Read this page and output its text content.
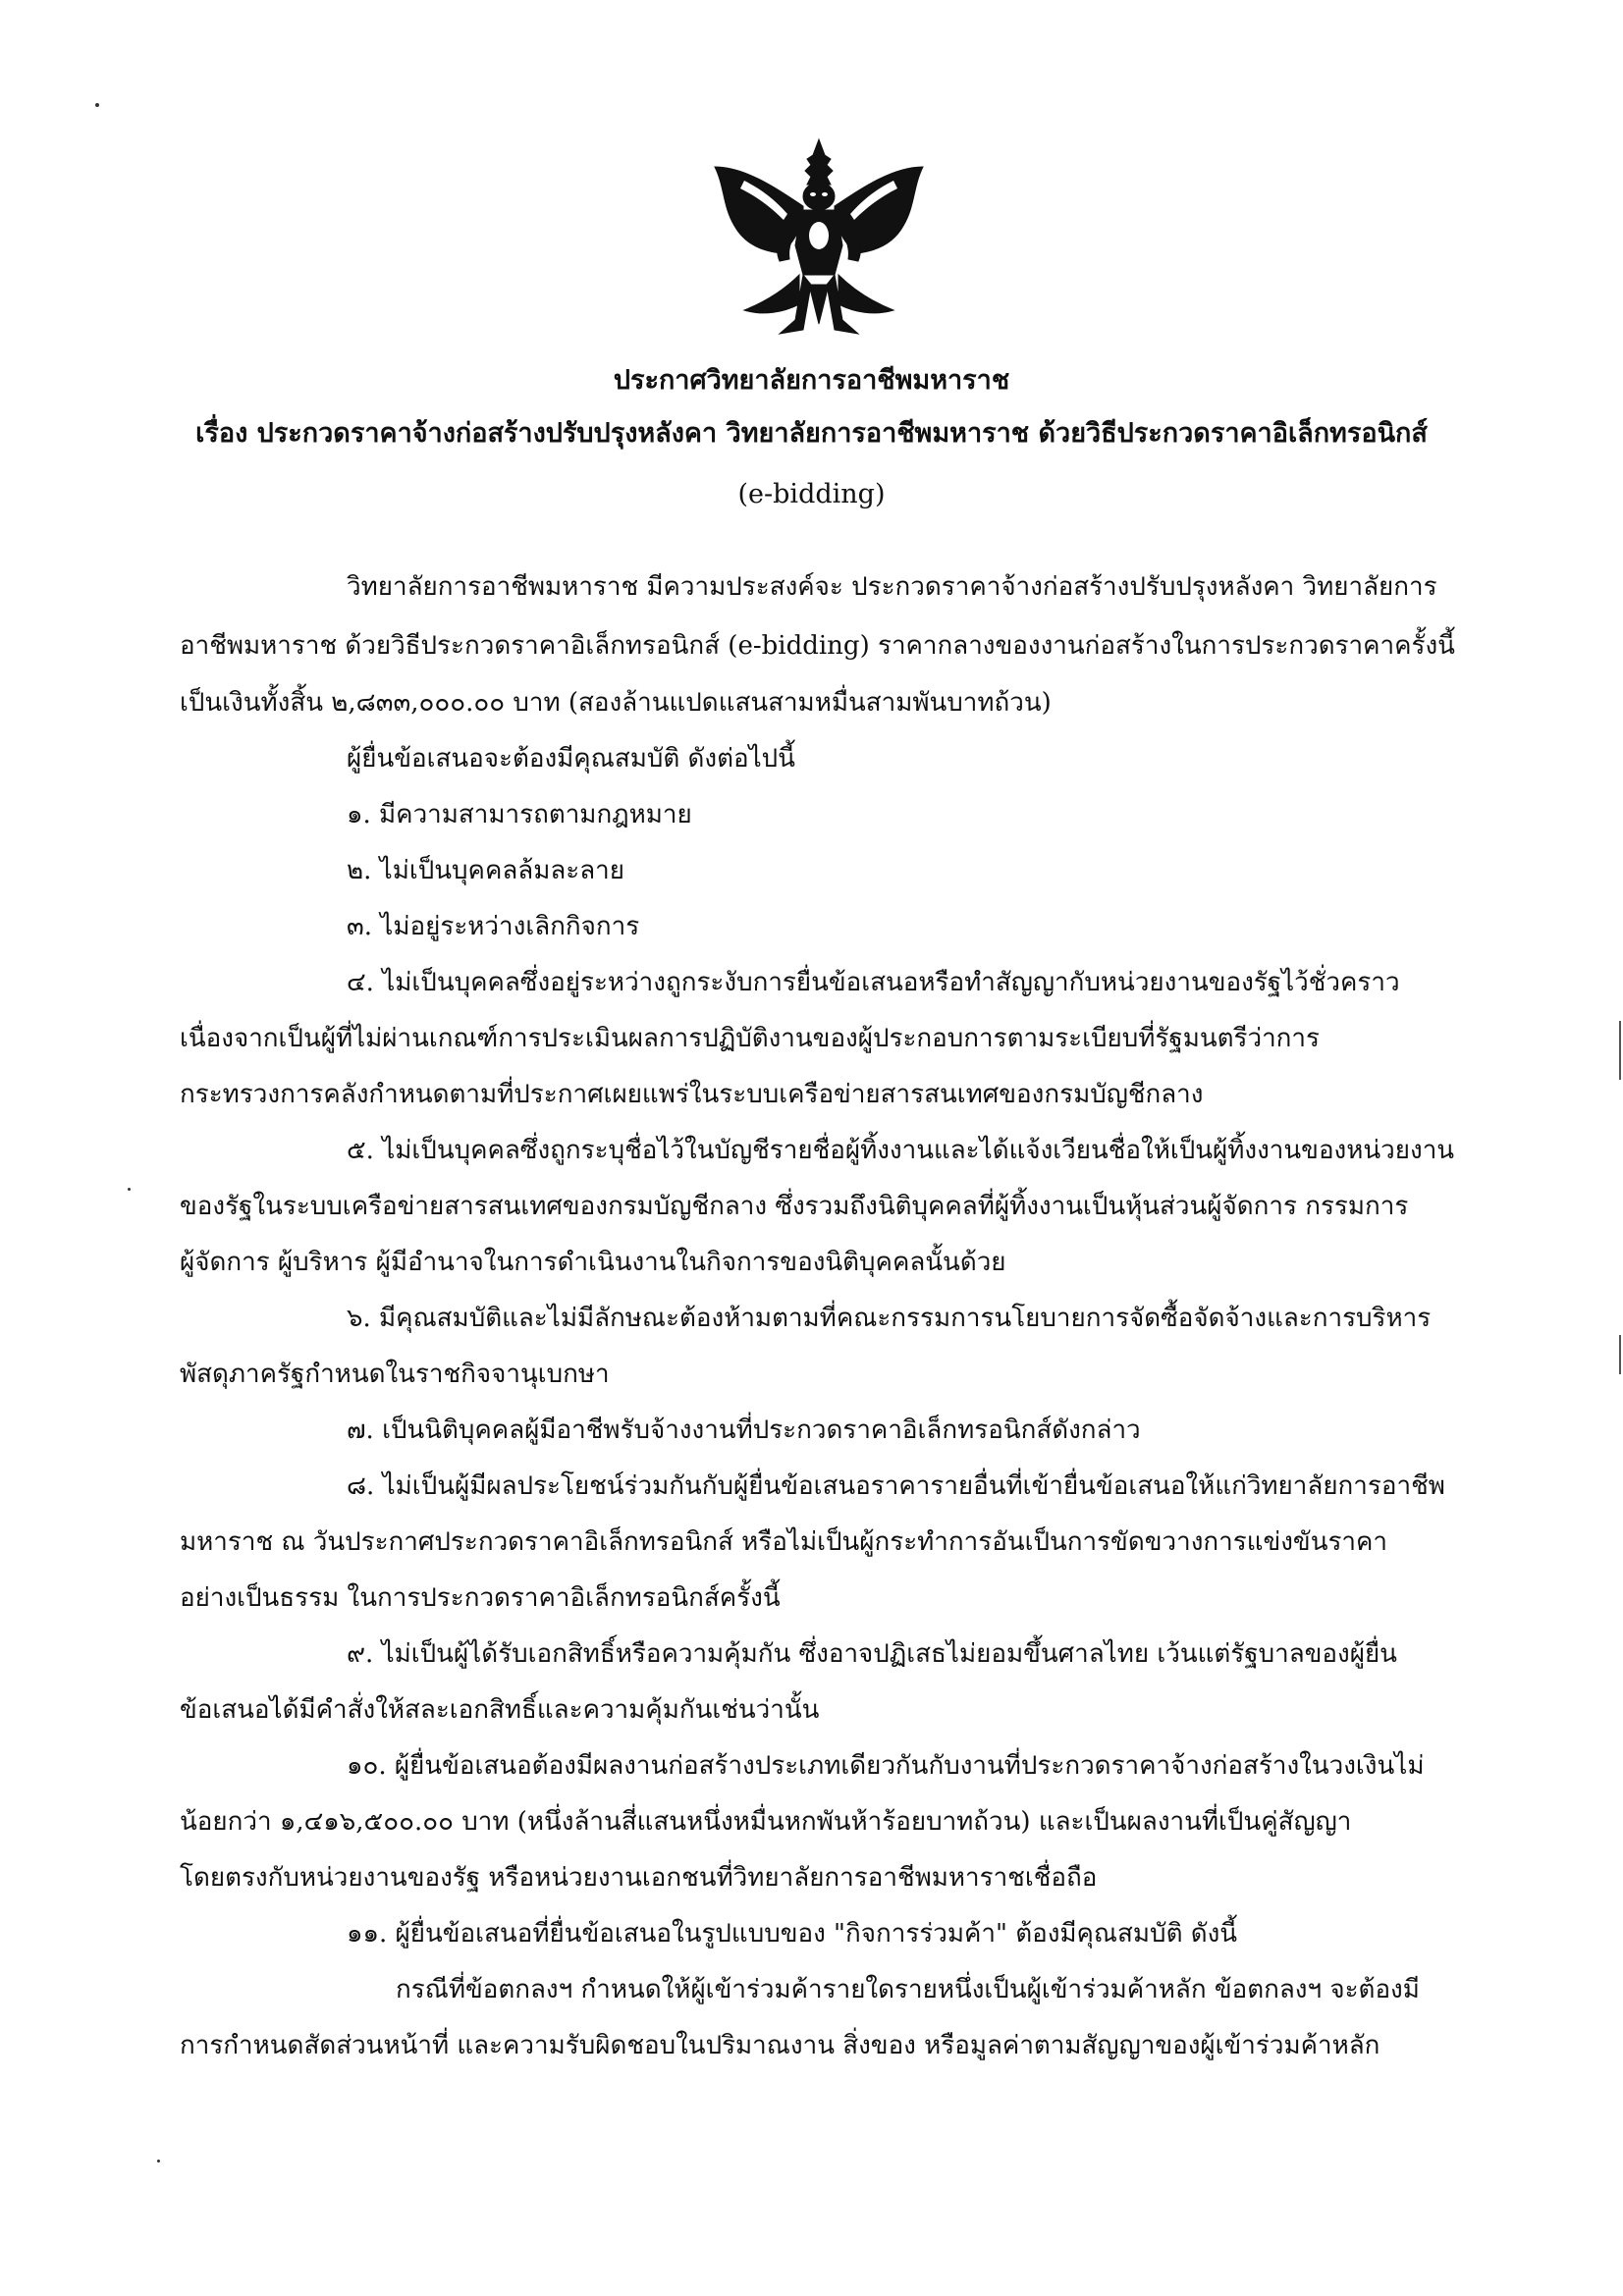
ประกาศวิทยาลัยการอาชีพมหาราช
เรื่อง ประกวดราคาจ้างก่อสร้างปรับปรุงหลังคา วิทยาลัยการอาชีพมหาราช ด้วยวิธีประกวดราคาอิเล็กทรอนิกส์
(e-bidding)
วิทยาลัยการอาชีพมหาราช มีความประสงค์จะ ประกวดราคาจ้างก่อสร้างปรับปรุงหลังคา วิทยาลัยการ
อาชีพมหาราช ด้วยวิธีประกวดราคาอิเล็กทรอนิกส์ (e-bidding) ราคากลางของงานก่อสร้างในการประกวดราคาครั้งนี้
เป็นเงินทั้งสิ้น ๒,๘๓๓,๐๐๐.๐๐ บาท (สองล้านแปดแสนสามหมื่นสามพันบาทถ้วน)
ผู้ยื่นข้อเสนอจะต้องมีคุณสมบัติ ดังต่อไปนี้
๑. มีความสามารถตามกฎหมาย
๒. ไม่เป็นบุคคลล้มละลาย
๓. ไม่อยู่ระหว่างเลิกกิจการ
๔. ไม่เป็นบุคคลซึ่งอยู่ระหว่างถูกระงับการยื่นข้อเสนอหรือทำสัญญากับหน่วยงานของรัฐไว้ชั่วคราว
เนื่องจากเป็นผู้ที่ไม่ผ่านเกณฑ์การประเมินผลการปฏิบัติงานของผู้ประกอบการตามระเบียบที่รัฐมนตรีว่าการ
กระทรวงการคลังกำหนดตามที่ประกาศเผยแพร่ในระบบเครือข่ายสารสนเทศของกรมบัญชีกลาง
๕. ไม่เป็นบุคคลซึ่งถูกระบุชื่อไว้ในบัญชีรายชื่อผู้ทิ้งงานและได้แจ้งเวียนชื่อให้เป็นผู้ทิ้งงานของหน่วยงาน
ของรัฐในระบบเครือข่ายสารสนเทศของกรมบัญชีกลาง ซึ่งรวมถึงนิติบุคคลที่ผู้ทิ้งงานเป็นหุ้นส่วนผู้จัดการ กรรมการ
ผู้จัดการ ผู้บริหาร ผู้มีอำนาจในการดำเนินงานในกิจการของนิติบุคคลนั้นด้วย
๖. มีคุณสมบัติและไม่มีลักษณะต้องห้ามตามที่คณะกรรมการนโยบายการจัดซื้อจัดจ้างและการบริหาร
พัสดุภาครัฐกำหนดในราชกิจจานุเบกษา
๗. เป็นนิติบุคคลผู้มีอาชีพรับจ้างงานที่ประกวดราคาอิเล็กทรอนิกส์ดังกล่าว
๘. ไม่เป็นผู้มีผลประโยชน์ร่วมกันกับผู้ยื่นข้อเสนอราคารายอื่นที่เข้ายื่นข้อเสนอให้แก่วิทยาลัยการอาชีพ
มหาราช ณ วันประกาศประกวดราคาอิเล็กทรอนิกส์ หรือไม่เป็นผู้กระทำการอันเป็นการขัดขวางการแข่งขันราคา
อย่างเป็นธรรม ในการประกวดราคาอิเล็กทรอนิกส์ครั้งนี้
๙. ไม่เป็นผู้ได้รับเอกสิทธิ์หรือความคุ้มกัน ซึ่งอาจปฏิเสธไม่ยอมขึ้นศาลไทย เว้นแต่รัฐบาลของผู้ยื่น
ข้อเสนอได้มีคำสั่งให้สละเอกสิทธิ์และความคุ้มกันเช่นว่านั้น
๑๐. ผู้ยื่นข้อเสนอต้องมีผลงานก่อสร้างประเภทเดียวกันกับงานที่ประกวดราคาจ้างก่อสร้างในวงเงินไม่
น้อยกว่า ๑,๔๑๖,๕๐๐.๐๐ บาท (หนึ่งล้านสี่แสนหนึ่งหมื่นหกพันห้าร้อยบาทถ้วน) และเป็นผลงานที่เป็นคู่สัญญา
โดยตรงกับหน่วยงานของรัฐ หรือหน่วยงานเอกชนที่วิทยาลัยการอาชีพมหาราชเชื่อถือ
๑๑. ผู้ยื่นข้อเสนอที่ยื่นข้อเสนอในรูปแบบของ "กิจการร่วมค้า" ต้องมีคุณสมบัติ ดังนี้
กรณีที่ข้อตกลงฯ กำหนดให้ผู้เข้าร่วมค้ารายใดรายหนึ่งเป็นผู้เข้าร่วมค้าหลัก ข้อตกลงฯ จะต้องมี
การกำหนดสัดส่วนหน้าที่ และความรับผิดชอบในปริมาณงาน สิ่งของ หรือมูลค่าตามสัญญาของผู้เข้าร่วมค้าหลัก
